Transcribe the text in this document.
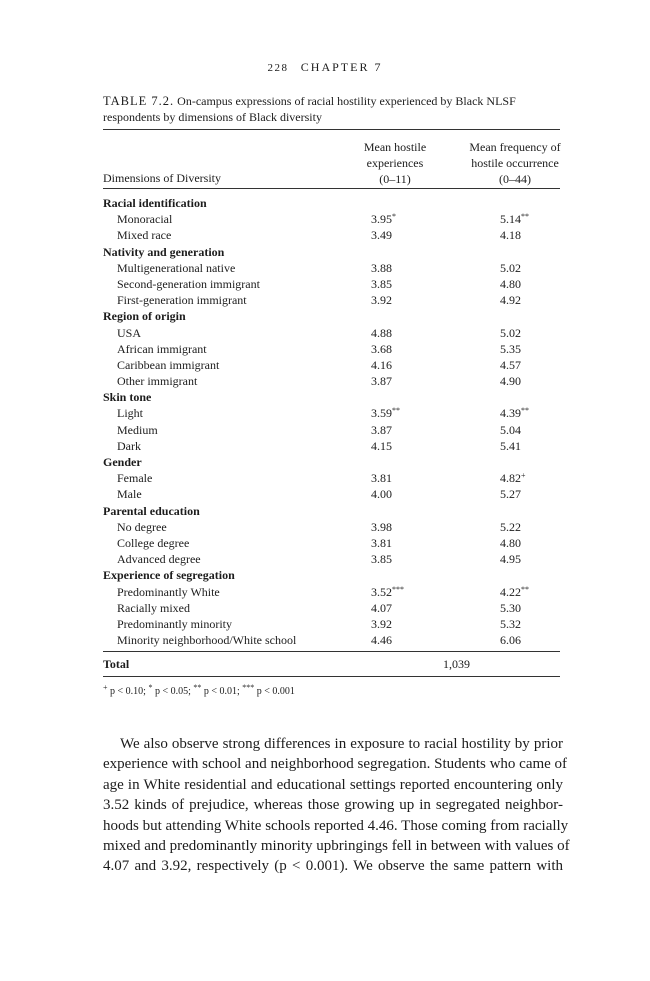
228 CHAPTER 7
TABLE 7.2. On-campus expressions of racial hostility experienced by Black NLSF respondents by dimensions of Black diversity
Mean hostile
experiences
(0–11)
Mean frequency of
hostile occurrence
(0–44)
Dimensions of Diversity
Racial identification
Monoracial	3.95*	5.14**
Mixed race	3.49	4.18
Nativity and generation
Multigenerational native	3.88	5.02
Second-generation immigrant	3.85	4.80
First-generation immigrant	3.92	4.92
Region of origin
USA	4.88	5.02
African immigrant	3.68	5.35
Caribbean immigrant	4.16	4.57
Other immigrant	3.87	4.90
Skin tone
Light	3.59**	4.39**
Medium	3.87	5.04
Dark	4.15	5.41
Gender
Female	3.81	4.82+
Male	4.00	5.27
Parental education
No degree	3.98	5.22
College degree	3.81	4.80
Advanced degree	3.85	4.95
Experience of segregation
Predominantly White	3.52***	4.22**
Racially mixed	4.07	5.30
Predominantly minority	3.92	5.32
Minority neighborhood/White school	4.46	6.06
Total	1,039
+ p < 0.10; * p < 0.05; ** p < 0.01; *** p < 0.001
We also observe strong differences in exposure to racial hostility by prior
experience with school and neighborhood segregation. Students who came of
age in White residential and educational settings reported encountering only
3.52 kinds of prejudice, whereas those growing up in segregated neighbor-
hoods but attending White schools reported 4.46. Those coming from racially
mixed and predominantly minority upbringings fell in between with values of
4.07 and 3.92, respectively (p < 0.001). We observe the same pattern with
